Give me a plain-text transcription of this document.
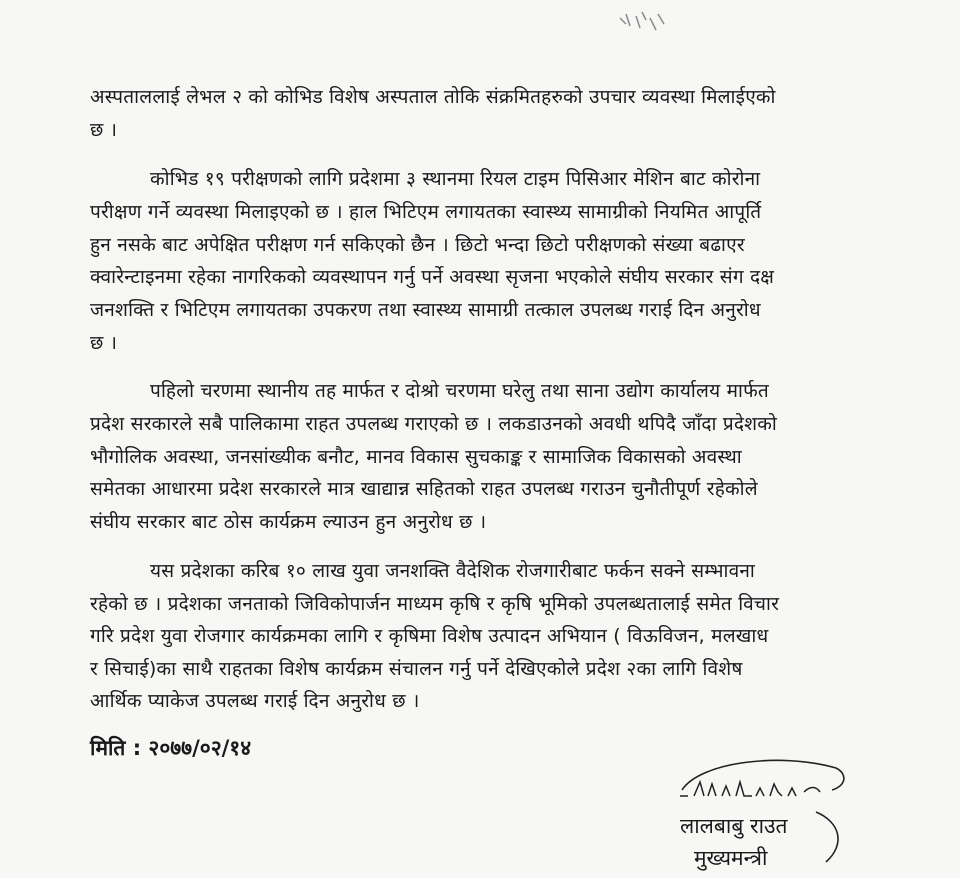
अस्पताललाई लेभल २ को कोभिड विशेष अस्पताल तोकि संक्रमितहरुको उपचार व्यवस्था मिलाईएको
छ ।
कोभिड १९ परीक्षणको लागि प्रदेशमा ३ स्थानमा रियल टाइम पिसिआर मेशिन बाट कोरोना
परीक्षण गर्ने व्यवस्था मिलाइएको छ । हाल भिटिएम लगायतका स्वास्थ्य सामाग्रीको नियमित आपूर्ति
हुन नसके बाट अपेक्षित परीक्षण गर्न सकिएको छैन । छिटो भन्दा छिटो परीक्षणको संख्या बढाएर
क्वारेन्टाइनमा रहेका नागरिकको व्यवस्थापन गर्नु पर्ने अवस्था सृजना भएकोले संघीय सरकार संग दक्ष
जनशक्ति र भिटिएम लगायतका उपकरण तथा स्वास्थ्य सामाग्री तत्काल उपलब्ध गराई दिन अनुरोध
छ ।
पहिलो चरणमा स्थानीय तह मार्फत र दोश्रो चरणमा घरेलु तथा साना उद्योग कार्यालय मार्फत
प्रदेश सरकारले सबै पालिकामा राहत उपलब्ध गराएको छ । लकडाउनको अवधी थपिदै जाँदा प्रदेशको
भौगोलिक अवस्था, जनसांख्यीक बनौट, मानव विकास सुचकाङ्क र सामाजिक विकासको अवस्था
समेतका आधारमा प्रदेश सरकारले मात्र खाद्यान्न सहितको राहत उपलब्ध गराउन चुनौतीपूर्ण रहेकोले
संघीय सरकार बाट ठोस कार्यक्रम ल्याउन हुन अनुरोध छ ।
यस प्रदेशका करिब १० लाख युवा जनशक्ति वैदेशिक रोजगारीबाट फर्कन सक्ने सम्भावना
रहेको छ । प्रदेशका जनताको जिविकोपार्जन माध्यम कृषि र कृषि भूमिको उपलब्धतालाई समेत विचार
गरि प्रदेश युवा रोजगार कार्यक्रमका लागि र कृषिमा विशेष उत्पादन अभियान ( विऊविजन, मलखाध
र सिचाई)का साथै राहतका विशेष कार्यक्रम संचालन गर्नु पर्ने देखिएकोले प्रदेश २का लागि विशेष
आर्थिक प्याकेज उपलब्ध गराई दिन अनुरोध छ ।
मिति : २०७७/०२/१४
लालबाबु राउत
मुख्यमन्त्री
